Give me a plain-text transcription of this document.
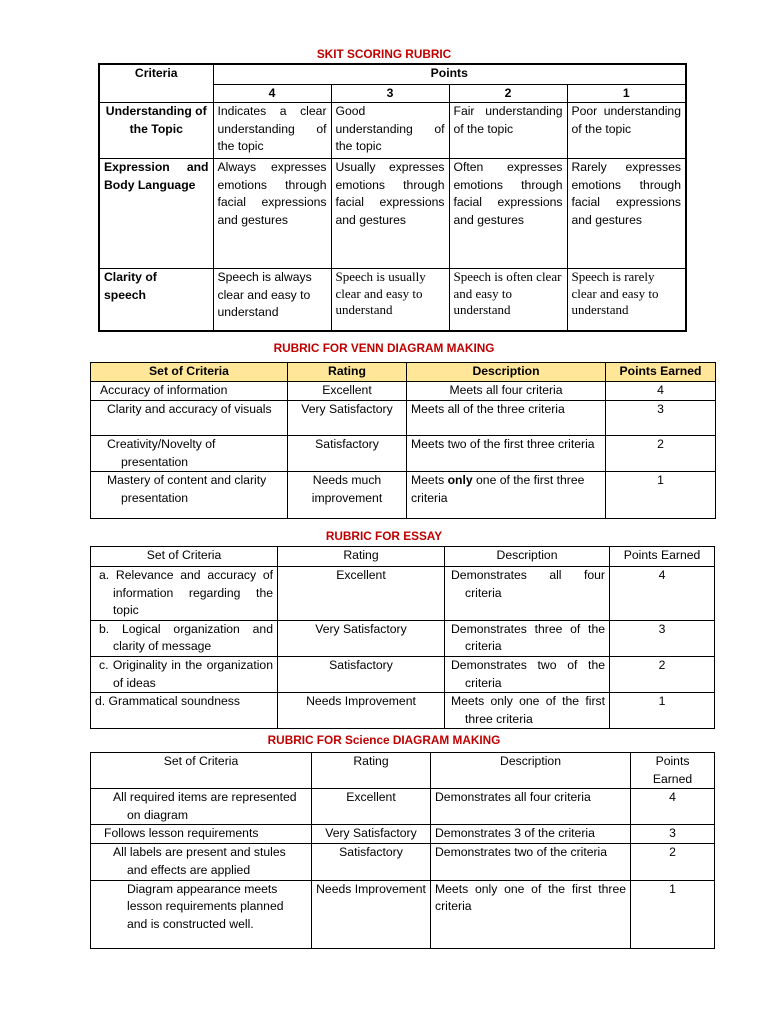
SKIT SCORING RUBRIC
Criteria	Points			
	4	3	2	1
Understanding of the Topic	Indicates a clear understanding of the topic	Good understanding of the topic	Fair understanding of the topic	Poor understanding of the topic
Expression and Body Language	Always expresses emotions through facial expressions and gestures	Usually expresses emotions through facial expressions and gestures	Often expresses emotions through facial expressions and gestures	Rarely expresses emotions through facial expressions and gestures
Clarity of speech	Speech is always clear and easy to understand	Speech is usually clear and easy to understand	Speech is often clear and easy to understand	Speech is rarely clear and easy to understand
RUBRIC FOR VENN DIAGRAM MAKING
Set of Criteria	Rating	Description	Points Earned
Accuracy of information	Excellent	Meets all four criteria	4
Clarity and accuracy of visuals	Very Satisfactory	Meets all of the three criteria	3
Creativity/Novelty of presentation	Satisfactory	Meets two of the first three criteria	2
Mastery of content and clarity presentation	Needs much improvement	Meets only one of the first three criteria	1
RUBRIC FOR ESSAY
Set of Criteria	Rating	Description	Points Earned
a. Relevance and accuracy of information regarding the topic	Excellent	Demonstrates all four criteria	4
b. Logical organization and clarity of message	Very Satisfactory	Demonstrates three of the criteria	3
c. Originality in the organization of ideas	Satisfactory	Demonstrates two of the criteria	2
d. Grammatical soundness	Needs Improvement	Meets only one of the first three criteria	1
RUBRIC FOR Science DIAGRAM MAKING
Set of Criteria	Rating	Description	Points Earned
All required items are represented on diagram	Excellent	Demonstrates all four criteria	4
Follows lesson requirements	Very Satisfactory	Demonstrates 3 of the criteria	3
All labels are present and stules and effects are applied	Satisfactory	Demonstrates two of the criteria	2
Diagram appearance meets lesson requirements planned and is constructed well.	Needs Improvement	Meets only one of the first three criteria	1
